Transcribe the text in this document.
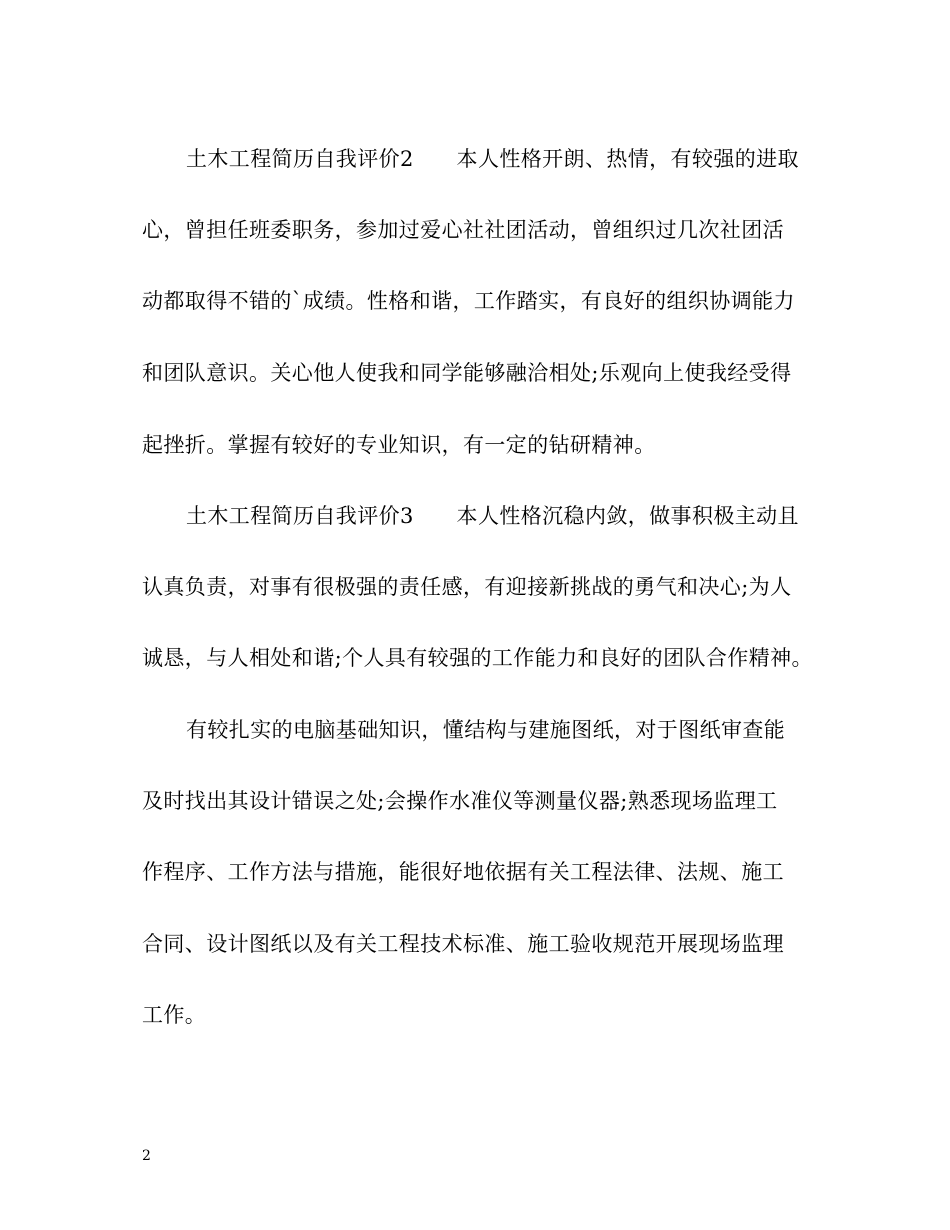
土木工程简历自我评价2　　本人性格开朗、热情，有较强的进取
心，曾担任班委职务，参加过爱心社社团活动，曾组织过几次社团活
动都取得不错的`成绩。性格和谐，工作踏实，有良好的组织协调能力
和团队意识。关心他人使我和同学能够融洽相处;乐观向上使我经受得
起挫折。掌握有较好的专业知识，有一定的钻研精神。
土木工程简历自我评价3　　本人性格沉稳内敛，做事积极主动且
认真负责，对事有很极强的责任感，有迎接新挑战的勇气和决心;为人
诚恳，与人相处和谐;个人具有较强的工作能力和良好的团队合作精神。
有较扎实的电脑基础知识，懂结构与建施图纸，对于图纸审查能
及时找出其设计错误之处;会操作水准仪等测量仪器;熟悉现场监理工
作程序、工作方法与措施，能很好地依据有关工程法律、法规、施工
合同、设计图纸以及有关工程技术标准、施工验收规范开展现场监理
工作。
2
